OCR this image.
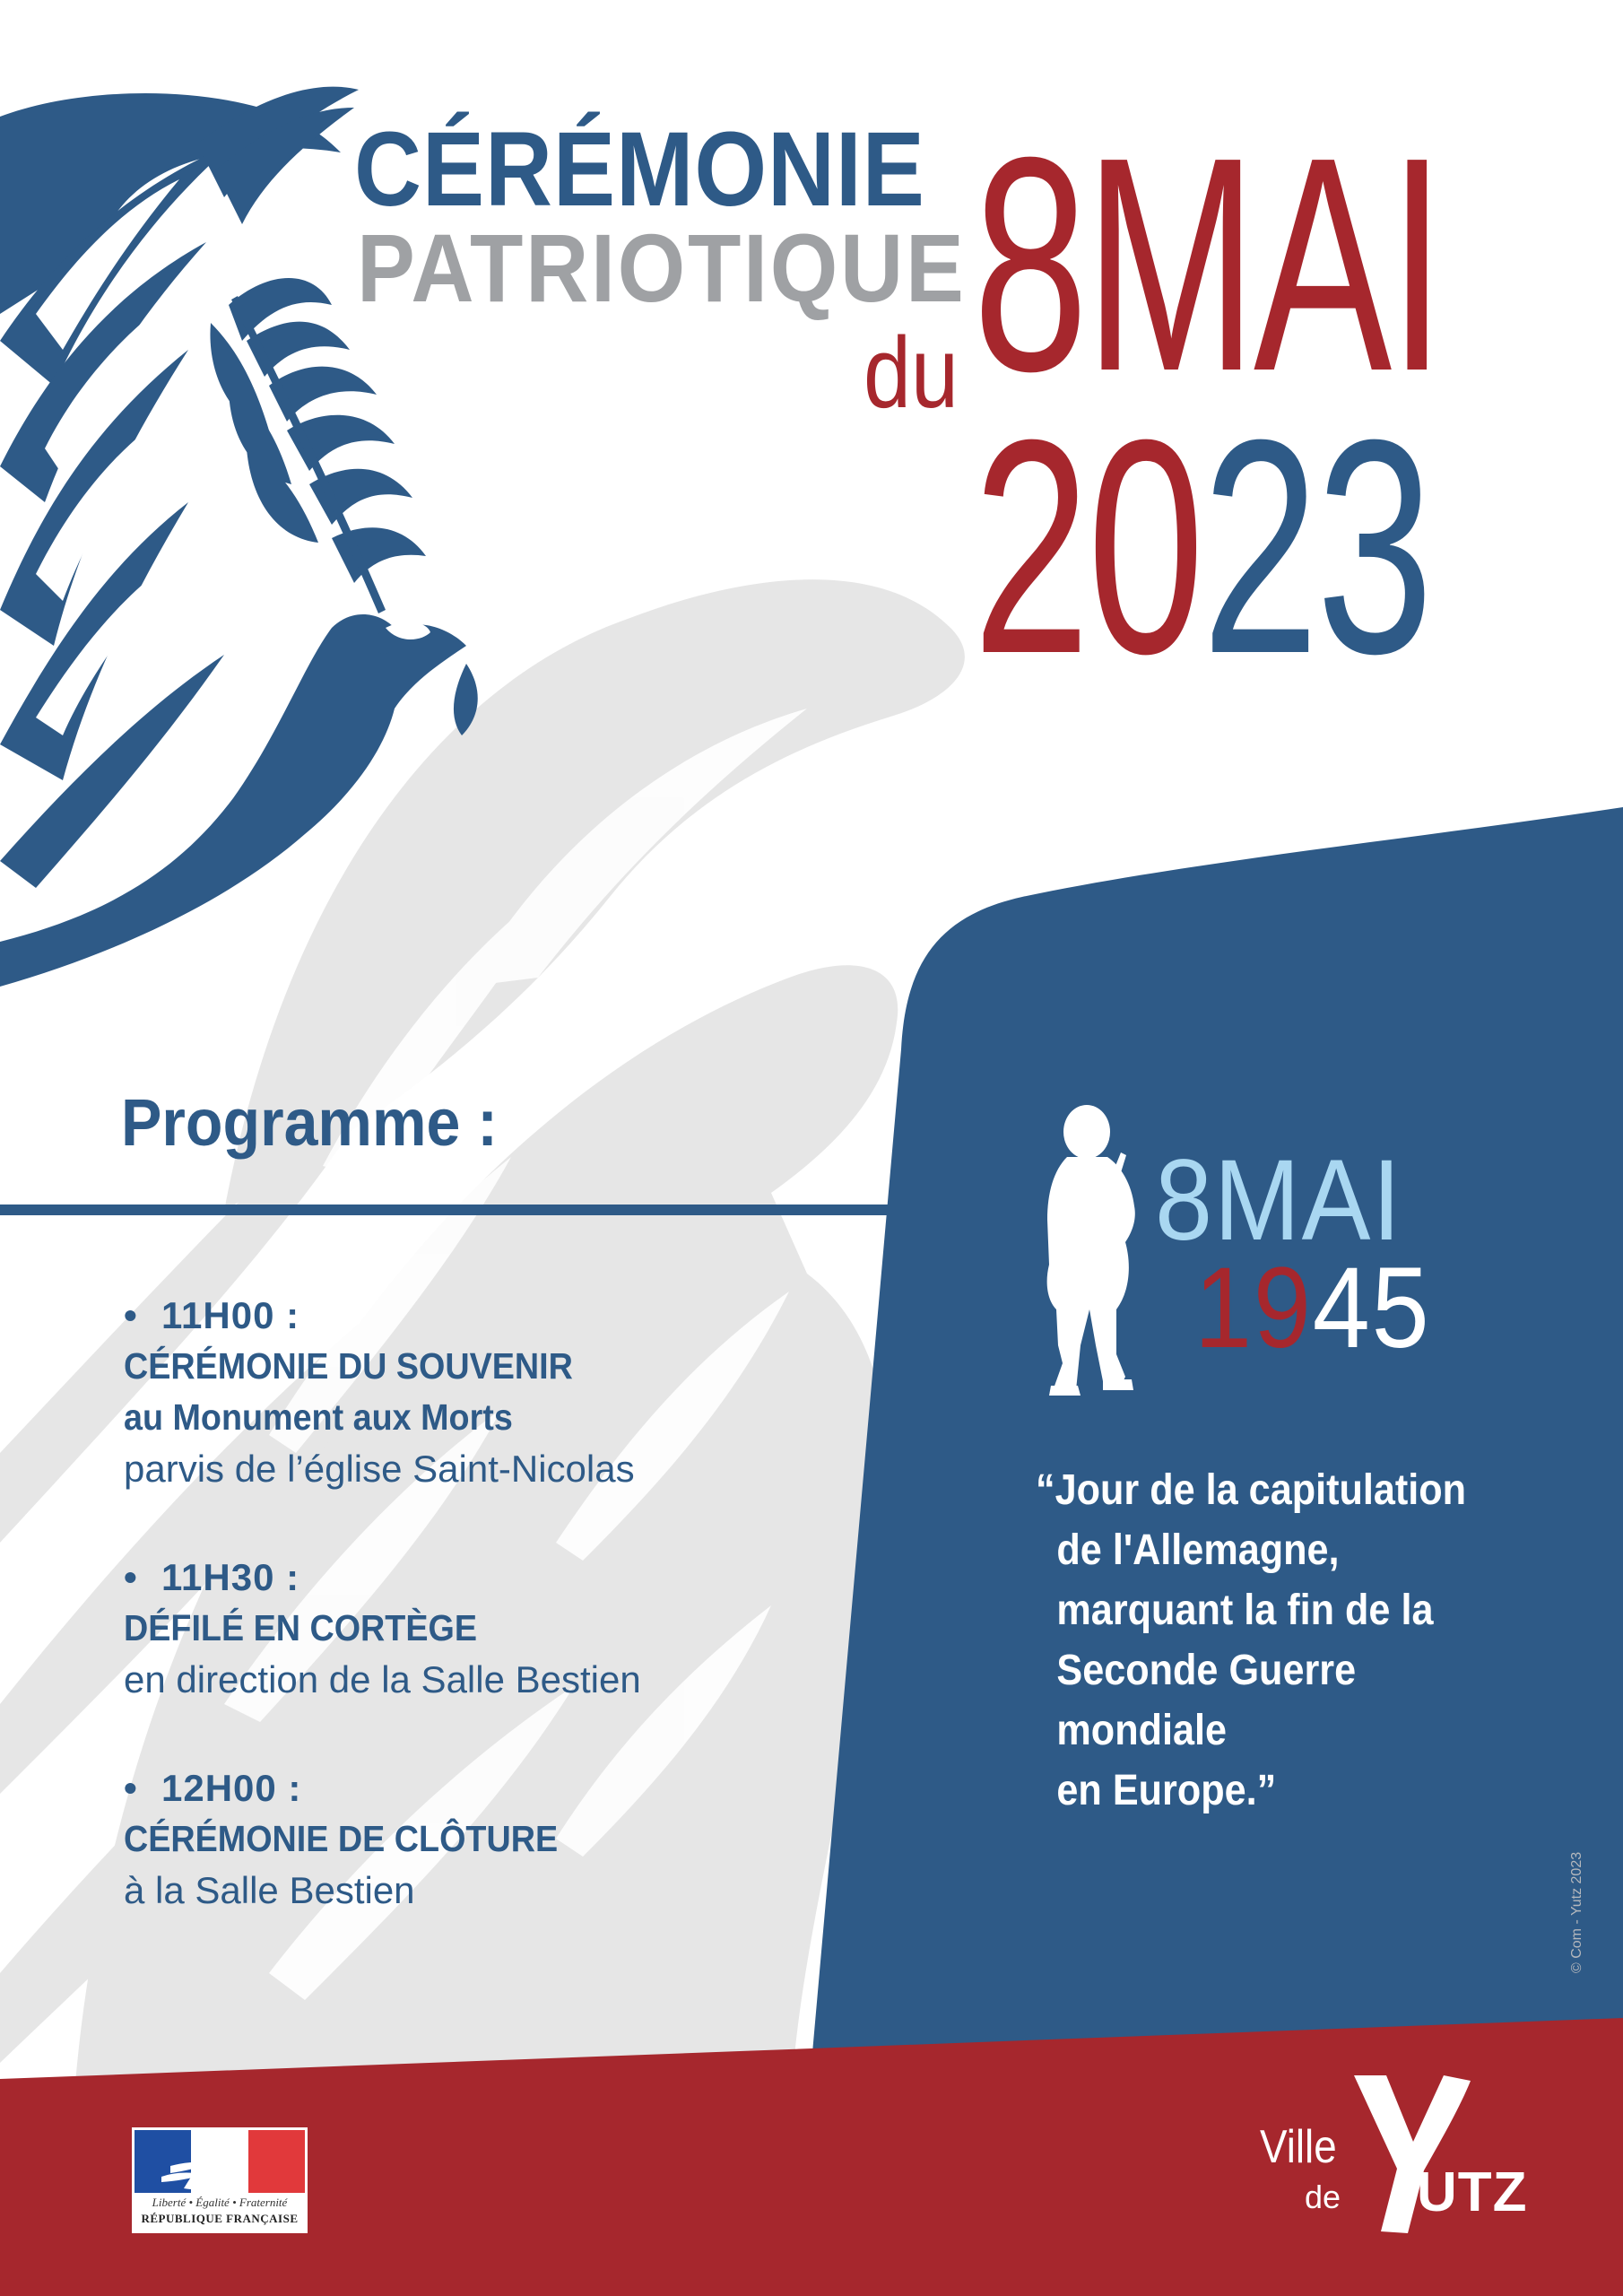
CÉRÉMONIE
PATRIOTIQUE
du 8MAI
2023
Programme :
• 11H00 :
CÉRÉMONIE DU SOUVENIR
au Monument aux Morts
parvis de l’église Saint-Nicolas
• 11H30 :
DÉFILÉ EN CORTÈGE
en direction de la Salle Bestien
• 12H00 :
CÉRÉMONIE DE CLÔTURE
à la Salle Bestien
8MAI
1945
“Jour de la capitulation
de l'Allemagne,
marquant la fin de la
Seconde Guerre mondiale
en Europe.”
© Com - Yutz 2023
Liberté • Égalité • Fraternité
RÉPUBLIQUE FRANÇAISE
Ville
de UTZ
